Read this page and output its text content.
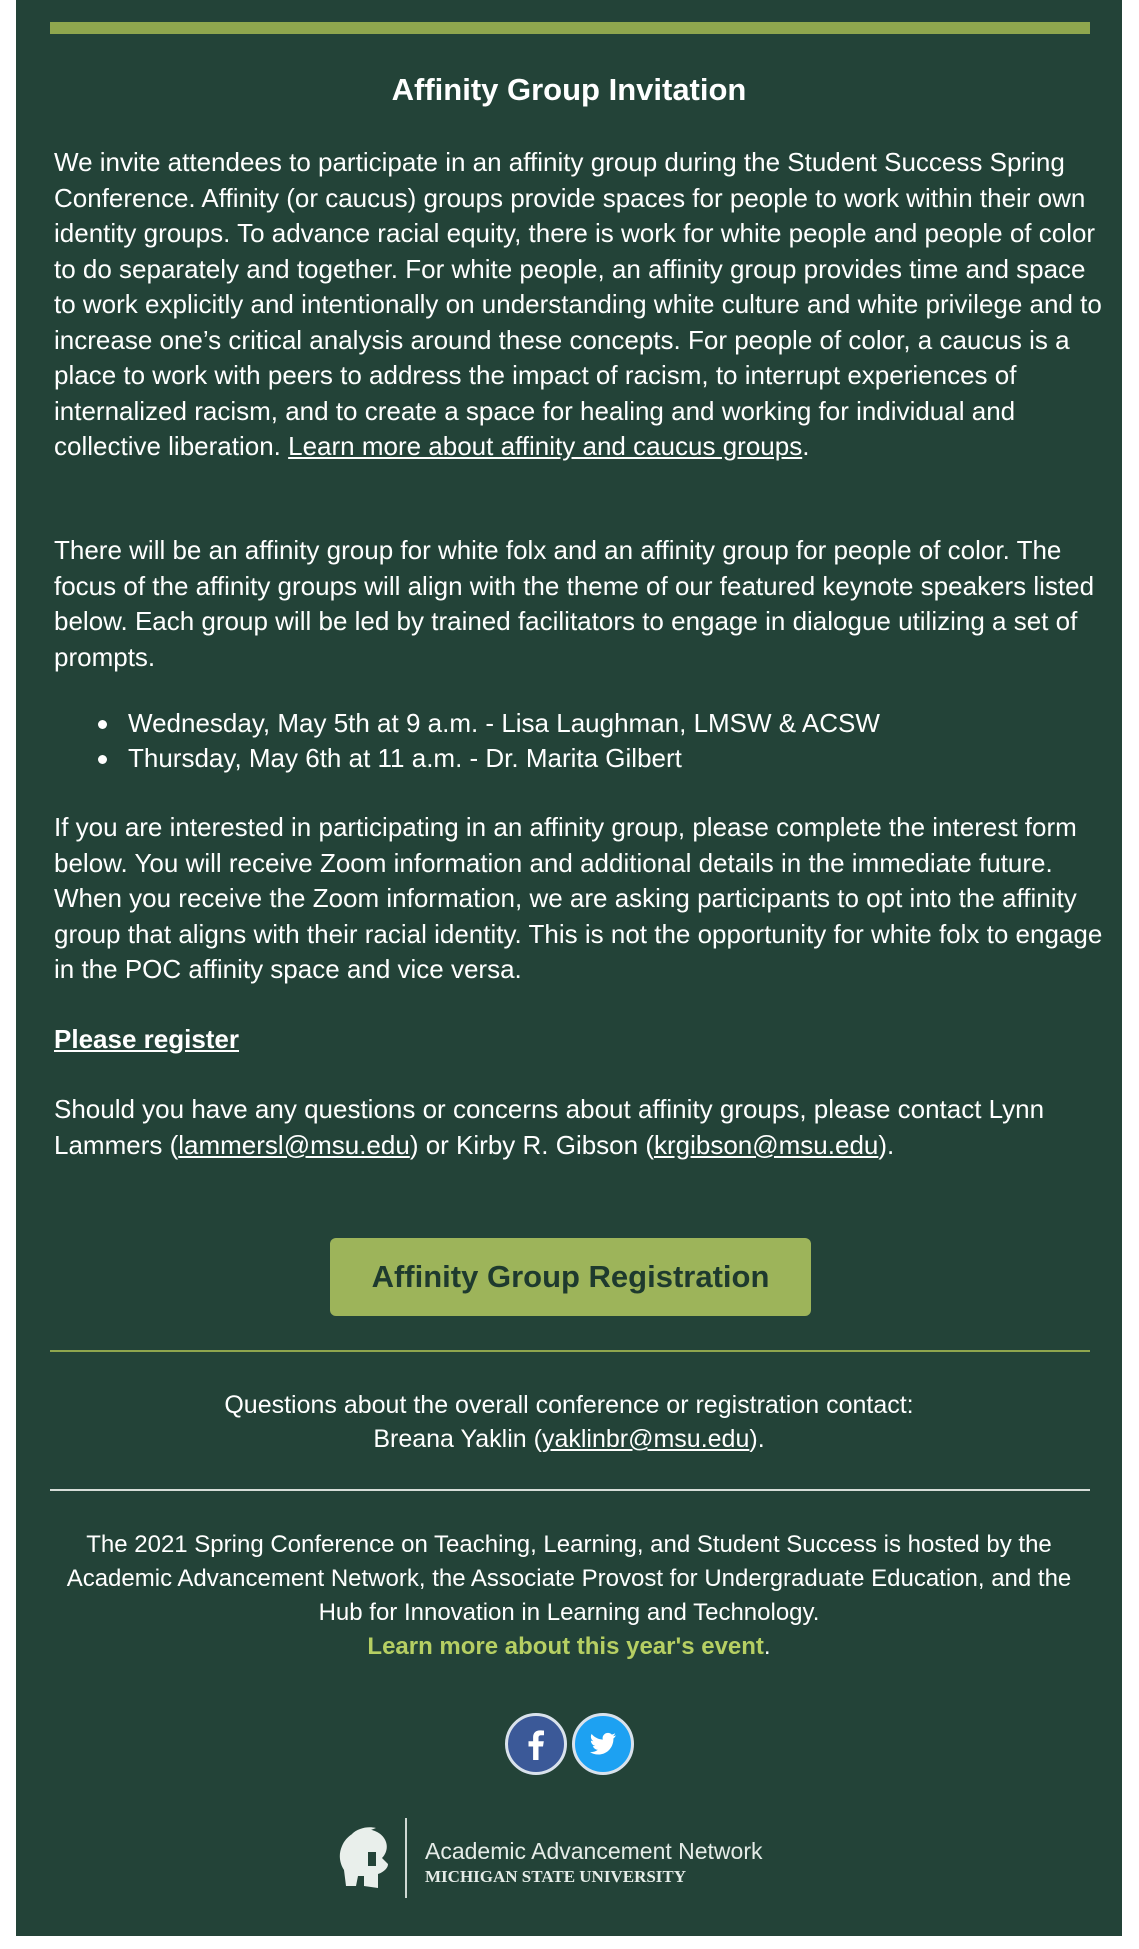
Affinity Group Invitation

We invite attendees to participate in an affinity group during the Student Success Spring Conference. Affinity (or caucus) groups provide spaces for people to work within their own identity groups. To advance racial equity, there is work for white people and people of color to do separately and together. For white people, an affinity group provides time and space to work explicitly and intentionally on understanding white culture and white privilege and to increase one’s critical analysis around these concepts. For people of color, a caucus is a place to work with peers to address the impact of racism, to interrupt experiences of internalized racism, and to create a space for healing and working for individual and collective liberation. Learn more about affinity and caucus groups.

There will be an affinity group for white folx and an affinity group for people of color. The focus of the affinity groups will align with the theme of our featured keynote speakers listed below. Each group will be led by trained facilitators to engage in dialogue utilizing a set of prompts.

Wednesday, May 5th at 9 a.m. - Lisa Laughman, LMSW & ACSW
Thursday, May 6th at 11 a.m. - Dr. Marita Gilbert

If you are interested in participating in an affinity group, please complete the interest form below. You will receive Zoom information and additional details in the immediate future. When you receive the Zoom information, we are asking participants to opt into the affinity group that aligns with their racial identity. This is not the opportunity for white folx to engage in the POC affinity space and vice versa.

Please register

Should you have any questions or concerns about affinity groups, please contact Lynn Lammers (lammersl@msu.edu) or Kirby R. Gibson (krgibson@msu.edu).

Affinity Group Registration
Questions about the overall conference or registration contact:
Breana Yaklin (yaklinbr@msu.edu).
The 2021 Spring Conference on Teaching, Learning, and Student Success is hosted by the Academic Advancement Network, the Associate Provost for Undergraduate Education, and the Hub for Innovation in Learning and Technology.
Learn more about this year's event.
Academic Advancement Network
MICHIGAN STATE UNIVERSITY
